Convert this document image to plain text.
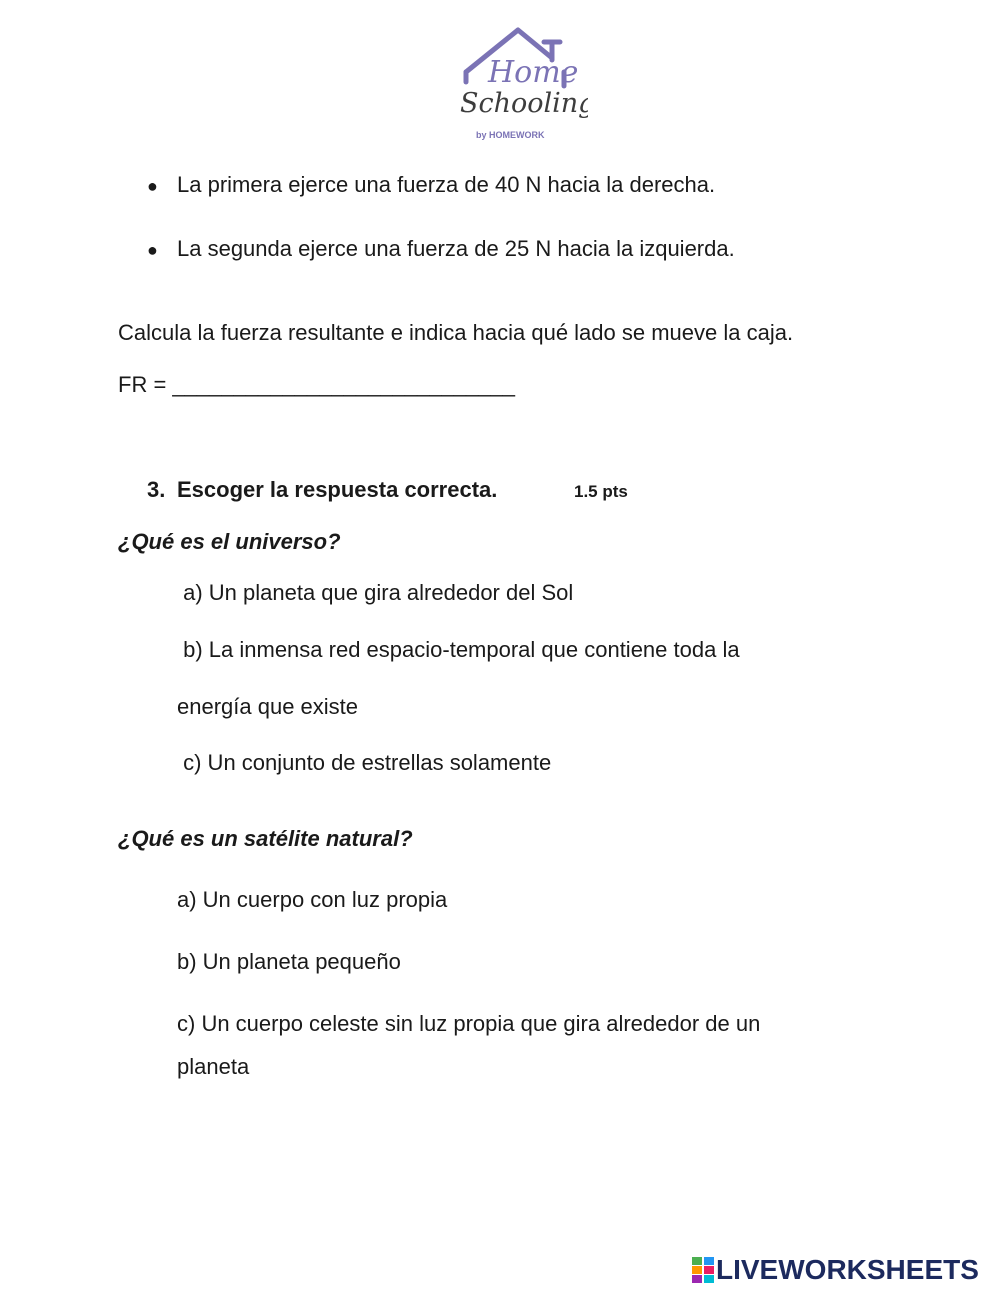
Home
Schooling
by HOMEWORK
● La primera ejerce una fuerza de 40 N hacia la derecha.
● La segunda ejerce una fuerza de 25 N hacia la izquierda.
Calcula la fuerza resultante e indica hacia qué lado se mueve la caja.
FR = ____________________________
3. Escoger la respuesta correcta.	1.5 pts
¿Qué es el universo?
a) Un planeta que gira alrededor del Sol
b) La inmensa red espacio-temporal que contiene toda la
energía que existe
c) Un conjunto de estrellas solamente
¿Qué es un satélite natural?
a) Un cuerpo con luz propia
b) Un planeta pequeño
c) Un cuerpo celeste sin luz propia que gira alrededor de un
planeta
LIVEWORKSHEETS
